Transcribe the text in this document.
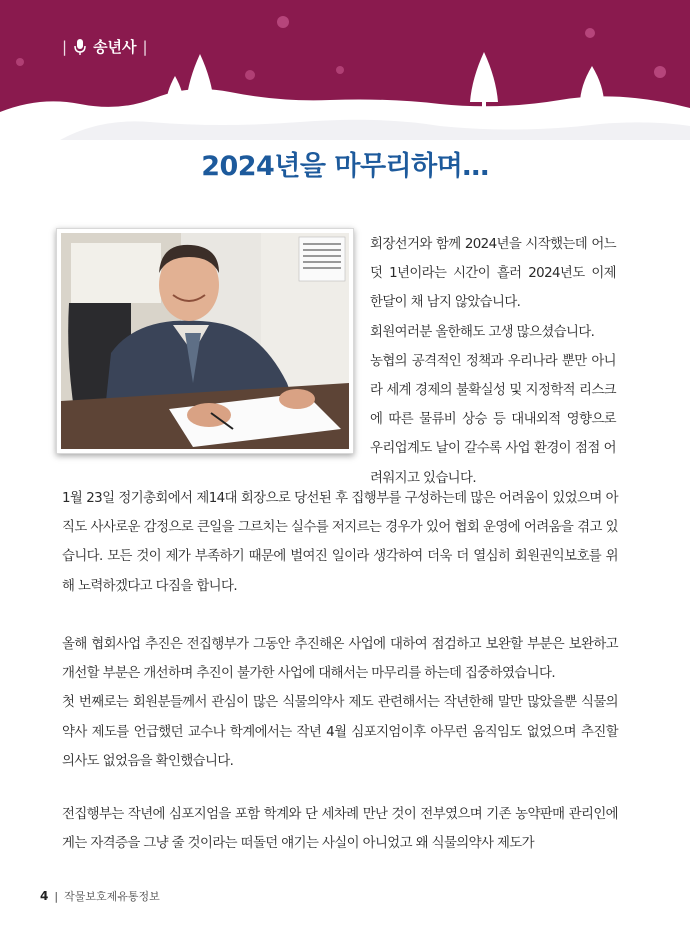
| 송년사 |
2024년을 마무리하며…

회장선거와 함께 2024년을 시작했는데 어느덧 1년이라는 시간이 흘러 2024년도 이제 한달이 채 남지 않았습니다.

회원여러분 올한해도 고생 많으셨습니다.

농협의 공격적인 정책과 우리나라 뿐만 아니라 세계 경제의 불확실성 및 지정학적 리스크에 따른 물류비 상승 등 대내외적 영향으로 우리업계도 날이 갈수록 사업 환경이 점점 어려워지고 있습니다.

1월 23일 정기총회에서 제14대 회장으로 당선된 후 집행부를 구성하는데 많은 어려움이 있었으며 아직도 사사로운 감정으로 큰일을 그르치는 실수를 저지르는 경우가 있어 협회 운영에 어려움을 겪고 있습니다. 모든 것이 제가 부족하기 때문에 벌여진 일이라 생각하여 더욱 더 열심히 회원권익보호를 위해 노력하겠다고 다짐을 합니다.

올해 협회사업 추진은 전집행부가 그동안 추진해온 사업에 대하여 점검하고 보완할 부분은 보완하고 개선할 부분은 개선하며 추진이 불가한 사업에 대해서는 마무리를 하는데 집중하였습니다.

첫 번째로는 회원분들께서 관심이 많은 식물의약사 제도 관련해서는 작년한해 말만 많았을뿐 식물의약사 제도를 언급했던 교수나 학계에서는 작년 4월 심포지엄이후 아무런 움직임도 없었으며 추진할 의사도 없었음을 확인했습니다.

전집행부는 작년에 심포지엄을 포함 학계와 단 세차례 만난 것이 전부였으며 기존 농약판매 관리인에게는 자격증을 그냥 줄 것이라는 떠돌던 얘기는 사실이 아니었고 왜 식물의약사 제도가

4 | 작물보호제유통정보
